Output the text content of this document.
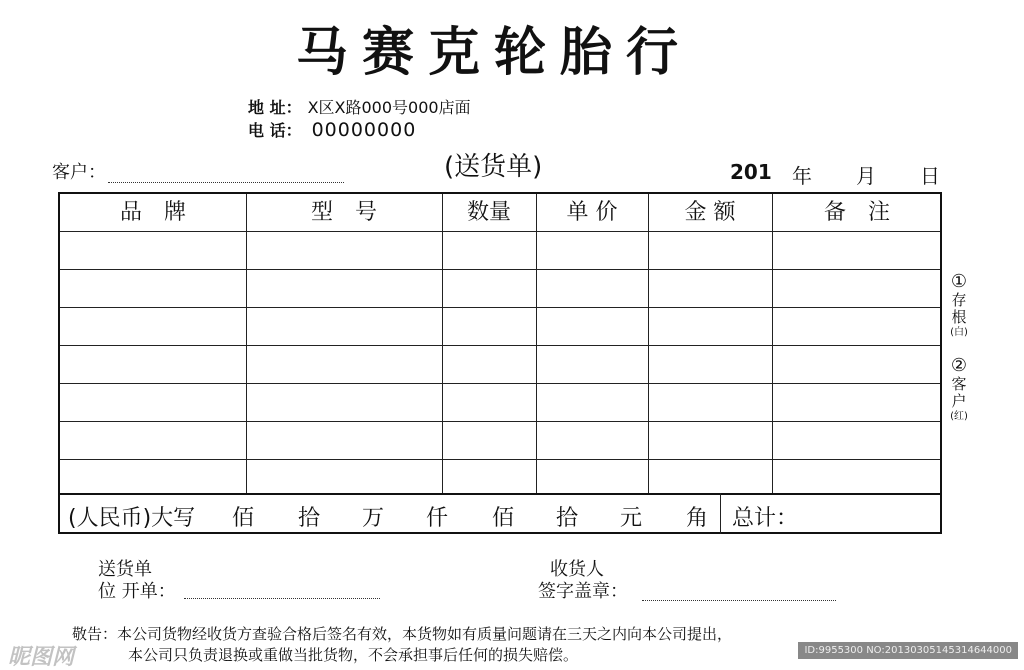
马赛克轮胎行
地 址： X区X路000号000店面
电 话： 00000000
客户：	(送货单)	201 年 月 日
品　牌	型　号	数量	单 价	金 额	备　注
(人民币)大写 佰 拾 万 仟 佰 拾 元 角 总计：
①
存
根
(白)
②
客
户
(红)
送货单
位 开单：
收货人
签字盖章：
敬告：本公司货物经收货方查验合格后签名有效，本货物如有质量问题请在三天之内向本公司提出，
本公司只负责退换或重做当批货物，不会承担事后任何的损失赔偿。
昵图网	ID:9955300 NO:20130305145314644000
